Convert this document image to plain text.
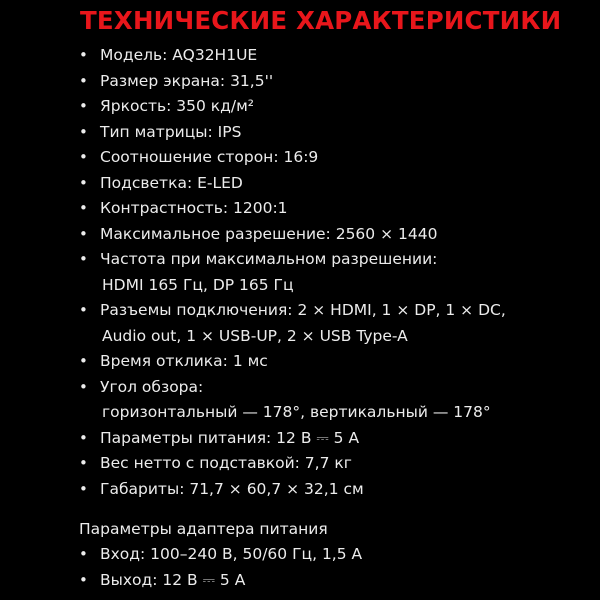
ТЕХНИЧЕСКИЕ ХАРАКТЕРИСТИКИ
• Модель: AQ32H1UE
• Размер экрана: 31,5''
• Яркость: 350 кд/м²
• Тип матрицы: IPS
• Соотношение сторон: 16:9
• Подсветка: E-LED
• Контрастность: 1200:1
• Максимальное разрешение: 2560 × 1440
• Частота при максимальном разрешении:
HDMI 165 Гц, DP 165 Гц
• Разъемы подключения: 2 × HDMI, 1 × DP, 1 × DC,
Audio out, 1 × USB-UP, 2 × USB Type-A
• Время отклика: 1 мс
• Угол обзора:
горизонтальный — 178°, вертикальный — 178°
• Параметры питания: 12 В ⎓ 5 А
• Вес нетто с подставкой: 7,7 кг
• Габариты: 71,7 × 60,7 × 32,1 см
Параметры адаптера питания
• Вход: 100–240 В, 50/60 Гц, 1,5 А
• Выход: 12 В ⎓ 5 А
